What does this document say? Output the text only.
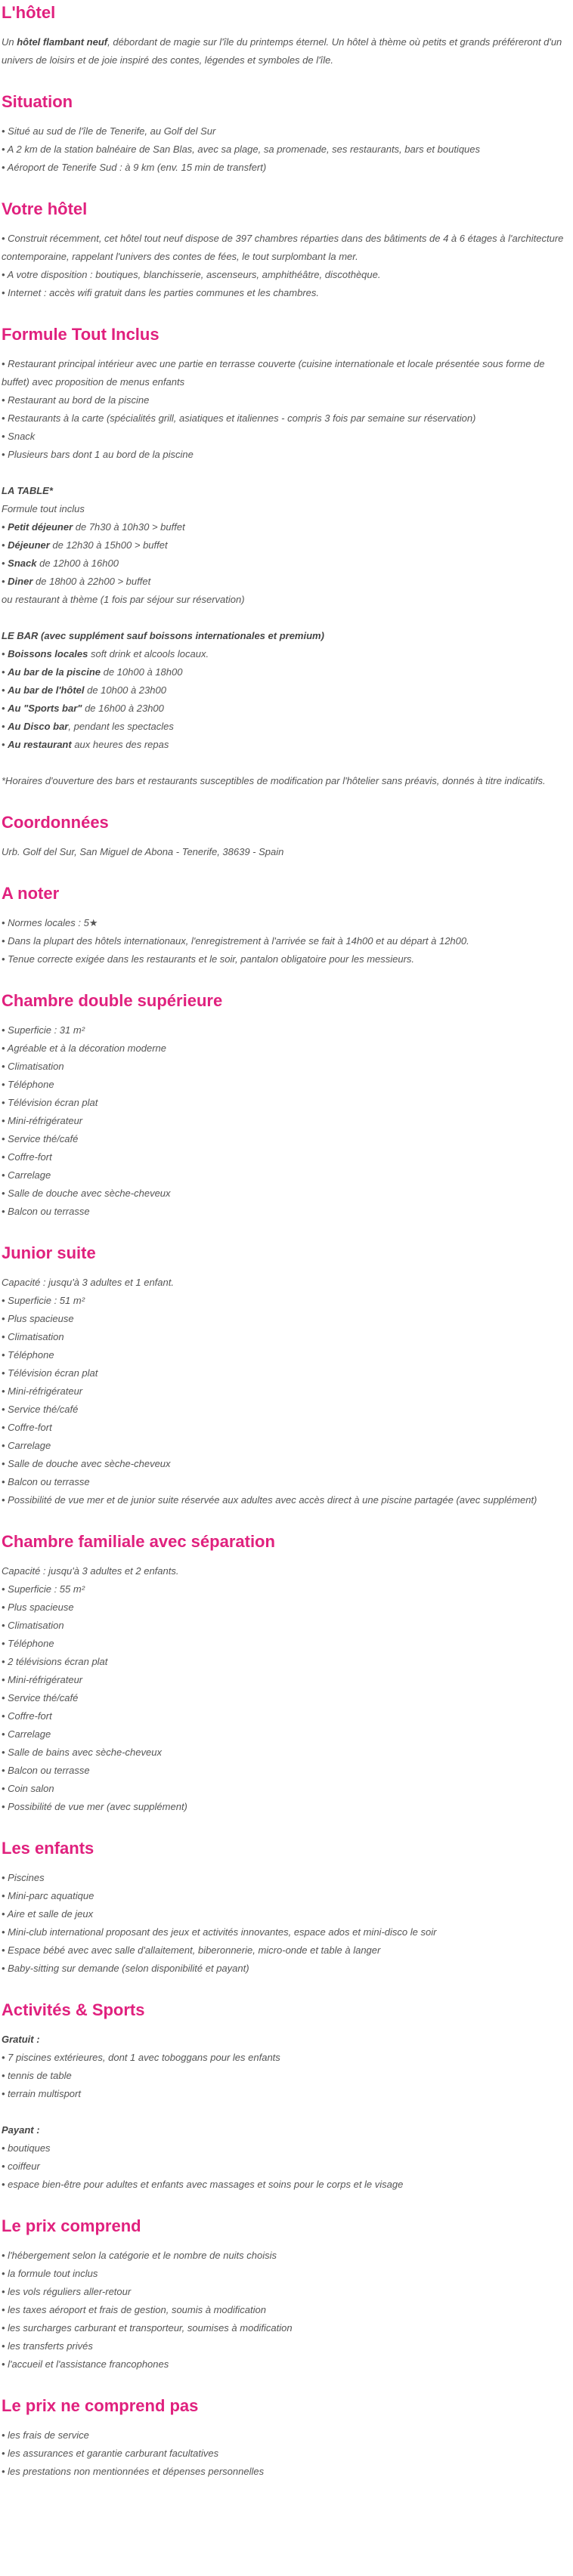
L'hôtel

Un hôtel flambant neuf, débordant de magie sur l'île du printemps éternel. Un hôtel à thème où petits et grands préféreront d'un univers de loisirs et de joie inspiré des contes, légendes et symboles de l'île.

Situation

• Situé au sud de l'île de Tenerife, au Golf del Sur
• A 2 km de la station balnéaire de San Blas, avec sa plage, sa promenade, ses restaurants, bars et boutiques
• Aéroport de Tenerife Sud : à 9 km (env. 15 min de transfert)

Votre hôtel

• Construit récemment, cet hôtel tout neuf dispose de 397 chambres réparties dans des bâtiments de 4 à 6 étages à l'architecture contemporaine, rappelant l'univers des contes de fées, le tout surplombant la mer.
• A votre disposition : boutiques, blanchisserie, ascenseurs, amphithéâtre, discothèque.
• Internet : accès wifi gratuit dans les parties communes et les chambres.

Formule Tout Inclus

• Restaurant principal intérieur avec une partie en terrasse couverte (cuisine internationale et locale présentée sous forme de buffet) avec proposition de menus enfants
• Restaurant au bord de la piscine
• Restaurants à la carte (spécialités grill, asiatiques et italiennes - compris 3 fois par semaine sur réservation)
• Snack
• Plusieurs bars dont 1 au bord de la piscine

LA TABLE*
Formule tout inclus
• Petit déjeuner de 7h30 à 10h30 > buffet
• Déjeuner de 12h30 à 15h00 > buffet
• Snack de 12h00 à 16h00
• Diner de 18h00 à 22h00 > buffet
ou restaurant à thème (1 fois par séjour sur réservation)

LE BAR (avec supplément sauf boissons internationales et premium)
• Boissons locales soft drink et alcools locaux.
• Au bar de la piscine de 10h00 à 18h00
• Au bar de l'hôtel de 10h00 à 23h00
• Au "Sports bar" de 16h00 à 23h00
• Au Disco bar, pendant les spectacles
• Au restaurant aux heures des repas

*Horaires d'ouverture des bars et restaurants susceptibles de modification par l'hôtelier sans préavis, donnés à titre indicatifs.

Coordonnées

Urb. Golf del Sur, San Miguel de Abona - Tenerife, 38639 - Spain

A noter

• Normes locales : 5★
• Dans la plupart des hôtels internationaux, l'enregistrement à l'arrivée se fait à 14h00 et au départ à 12h00.
• Tenue correcte exigée dans les restaurants et le soir, pantalon obligatoire pour les messieurs.

Chambre double supérieure

• Superficie : 31 m²
• Agréable et à la décoration moderne
• Climatisation
• Téléphone
• Télévision écran plat
• Mini-réfrigérateur
• Service thé/café
• Coffre-fort
• Carrelage
• Salle de douche avec sèche-cheveux
• Balcon ou terrasse

Junior suite

Capacité : jusqu'à 3 adultes et 1 enfant.
• Superficie : 51 m²
• Plus spacieuse
• Climatisation
• Téléphone
• Télévision écran plat
• Mini-réfrigérateur
• Service thé/café
• Coffre-fort
• Carrelage
• Salle de douche avec sèche-cheveux
• Balcon ou terrasse
• Possibilité de vue mer et de junior suite réservée aux adultes avec accès direct à une piscine partagée (avec supplément)

Chambre familiale avec séparation

Capacité : jusqu'à 3 adultes et 2 enfants.
• Superficie : 55 m²
• Plus spacieuse
• Climatisation
• Téléphone
• 2 télévisions écran plat
• Mini-réfrigérateur
• Service thé/café
• Coffre-fort
• Carrelage
• Salle de bains avec sèche-cheveux
• Balcon ou terrasse
• Coin salon
• Possibilité de vue mer (avec supplément)

Les enfants

• Piscines
• Mini-parc aquatique
• Aire et salle de jeux
• Mini-club international proposant des jeux et activités innovantes, espace ados et mini-disco le soir
• Espace bébé avec avec salle d'allaitement, biberonnerie, micro-onde et table à langer
• Baby-sitting sur demande (selon disponibilité et payant)

Activités & Sports

Gratuit :
• 7 piscines extérieures, dont 1 avec toboggans pour les enfants
• tennis de table
• terrain multisport

Payant :
• boutiques
• coiffeur
• espace bien-être pour adultes et enfants avec massages et soins pour le corps et le visage

Le prix comprend

• l'hébergement selon la catégorie et le nombre de nuits choisis
• la formule tout inclus
• les vols réguliers aller-retour
• les taxes aéroport et frais de gestion, soumis à modification
• les surcharges carburant et transporteur, soumises à modification
• les transferts privés
• l'accueil et l'assistance francophones

Le prix ne comprend pas

• les frais de service
• les assurances et garantie carburant facultatives
• les prestations non mentionnées et dépenses personnelles
